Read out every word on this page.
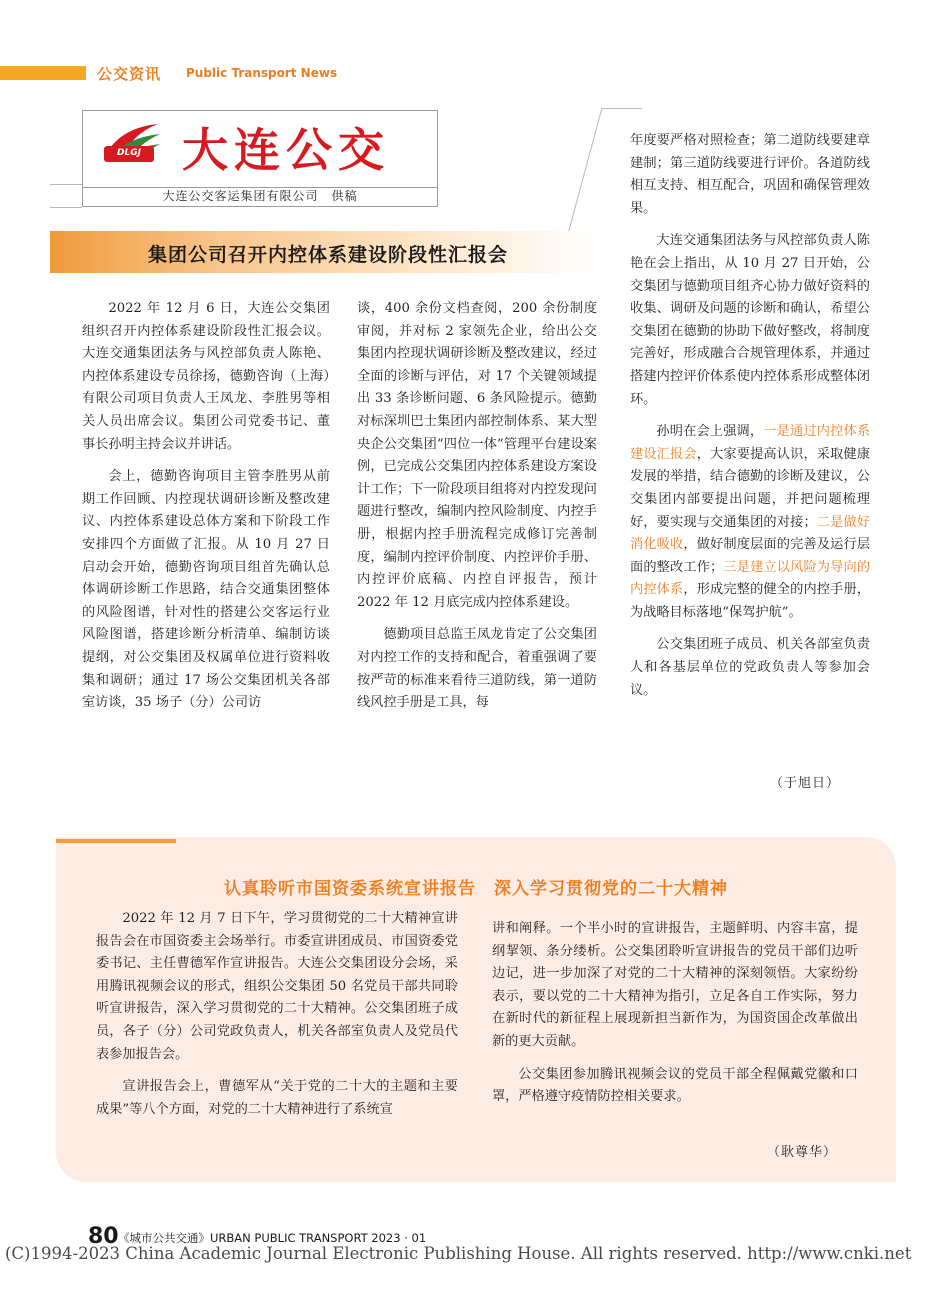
公交资讯 Public Transport News
DLGJ 大连公交
大连公交客运集团有限公司　供稿
集团公司召开内控体系建设阶段性汇报会

2022 年 12 月 6 日，大连公交集团组织召开内控体系建设阶段性汇报会议。大连交通集团法务与风控部负责人陈艳、内控体系建设专员徐扬，德勤咨询（上海）有限公司项目负责人王凤龙、李胜男等相关人员出席会议。集团公司党委书记、董事长孙明主持会议并讲话。

会上，德勤咨询项目主管李胜男从前期工作回顾、内控现状调研诊断及整改建议、内控体系建设总体方案和下阶段工作安排四个方面做了汇报。从 10 月 27 日启动会开始，德勤咨询项目组首先确认总体调研诊断工作思路，结合交通集团整体的风险图谱，针对性的搭建公交客运行业风险图谱，搭建诊断分析清单、编制访谈提纲，对公交集团及权属单位进行资料收集和调研；通过 17 场公交集团机关各部室访谈，35 场子（分）公司访

谈，400 余份文档查阅，200 余份制度审阅，并对标 2 家领先企业，给出公交集团内控现状调研诊断及整改建议，经过全面的诊断与评估，对 17 个关键领域提出 33 条诊断问题、6 条风险提示。德勤对标深圳巴士集团内部控制体系、某大型央企公交集团“四位一体”管理平台建设案例，已完成公交集团内控体系建设方案设计工作；下一阶段项目组将对内控发现问题进行整改，编制内控风险制度、内控手册，根据内控手册流程完成修订完善制度，编制内控评价制度、内控评价手册、内控评价底稿、内控自评报告，预计 2022 年 12 月底完成内控体系建设。

德勤项目总监王凤龙肯定了公交集团对内控工作的支持和配合，着重强调了要按严苛的标准来看待三道防线，第一道防线风控手册是工具，每

年度要严格对照检查；第二道防线要建章建制；第三道防线要进行评价。各道防线相互支持、相互配合，巩固和确保管理效果。

大连交通集团法务与风控部负责人陈艳在会上指出，从 10 月 27 日开始，公交集团与德勤项目组齐心协力做好资料的收集、调研及问题的诊断和确认，希望公交集团在德勤的协助下做好整改，将制度完善好，形成融合合规管理体系，并通过搭建内控评价体系使内控体系形成整体闭环。

孙明在会上强调，一是通过内控体系建设汇报会，大家要提高认识，采取健康发展的举措，结合德勤的诊断及建议，公交集团内部要提出问题，并把问题梳理好，要实现与交通集团的对接；二是做好消化吸收，做好制度层面的完善及运行层面的整改工作；三是建立以风险为导向的内控体系，形成完整的健全的内控手册，为战略目标落地“保驾护航”。

公交集团班子成员、机关各部室负责人和各基层单位的党政负责人等参加会议。

（于旭日）
认真聆听市国资委系统宣讲报告　深入学习贯彻党的二十大精神

2022 年 12 月 7 日下午，学习贯彻党的二十大精神宣讲报告会在市国资委主会场举行。市委宣讲团成员、市国资委党委书记、主任曹德军作宣讲报告。大连公交集团设分会场，采用腾讯视频会议的形式，组织公交集团 50 名党员干部共同聆听宣讲报告，深入学习贯彻党的二十大精神。公交集团班子成员，各子（分）公司党政负责人，机关各部室负责人及党员代表参加报告会。

宣讲报告会上，曹德军从“关于党的二十大的主题和主要成果”等八个方面，对党的二十大精神进行了系统宣

讲和阐释。一个半小时的宣讲报告，主题鲜明、内容丰富，提纲挈领、条分缕析。公交集团聆听宣讲报告的党员干部们边听边记，进一步加深了对党的二十大精神的深刻领悟。大家纷纷表示，要以党的二十大精神为指引，立足各自工作实际，努力在新时代的新征程上展现新担当新作为，为国资国企改革做出新的更大贡献。

公交集团参加腾讯视频会议的党员干部全程佩戴党徽和口罩，严格遵守疫情防控相关要求。

（耿尊华）
80 《城市公共交通》URBAN PUBLIC TRANSPORT 2023 · 01
(C)1994-2023 China Academic Journal Electronic Publishing House. All rights reserved. http://www.cnki.net
